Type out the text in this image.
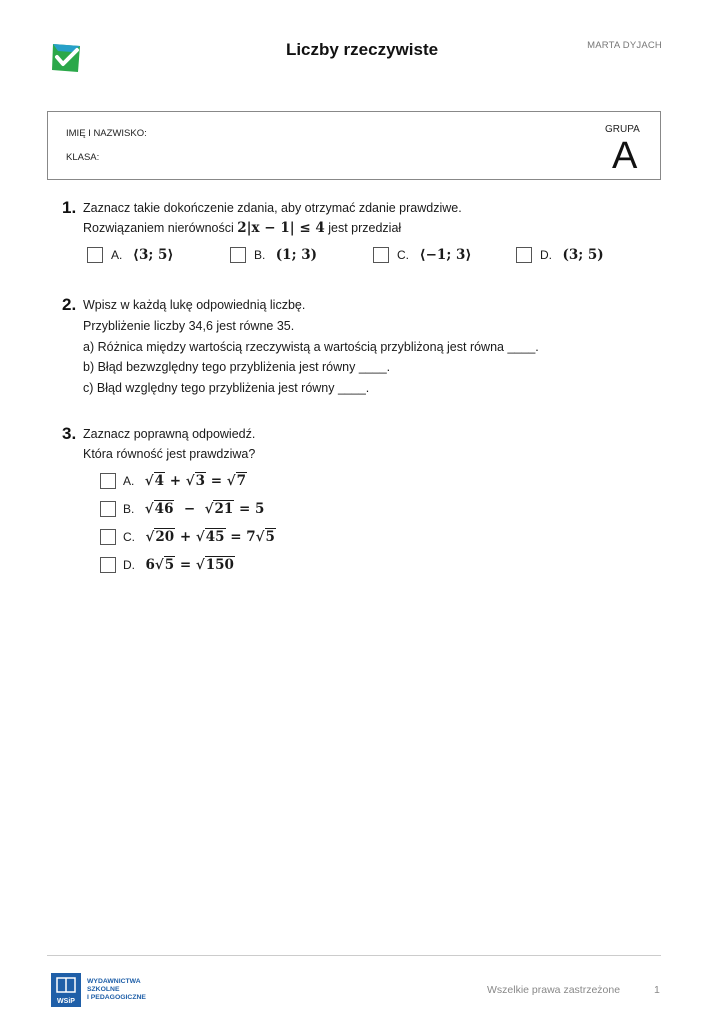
Liczby rzeczywiste	MARTA DYJACH
IMIĘ I NAZWISKO:
KLASA:
GRUPA
A
1. Zaznacz takie dokończenie zdania, aby otrzymać zdanie prawdziwe.
Rozwiązaniem nierówności 2|x − 1| ≤ 4 jest przedział
A. ⟨3; 5⟩	B. (1; 3)	C. ⟨−1; 3⟩	D. (3; 5)
2. Wpisz w każdą lukę odpowiednią liczbę.
Przybliżenie liczby 34,6 jest równe 35.
a) Różnica między wartością rzeczywistą a wartością przybliżoną jest równa ____.
b) Błąd bezwzględny tego przybliżenia jest równy ____.
c) Błąd względny tego przybliżenia jest równy ____.
3. Zaznacz poprawną odpowiedź.
Która równość jest prawdziwa?
A. √4 + √3 = √7
B. √46 −  √21 = 5
C. √20 + √45 = 7√5
D. 6√5 = √150
WSiP
WYDAWNICTWA
SZKOLNE
I PEDAGOGICZNE
Wszelkie prawa zastrzeżone	1
